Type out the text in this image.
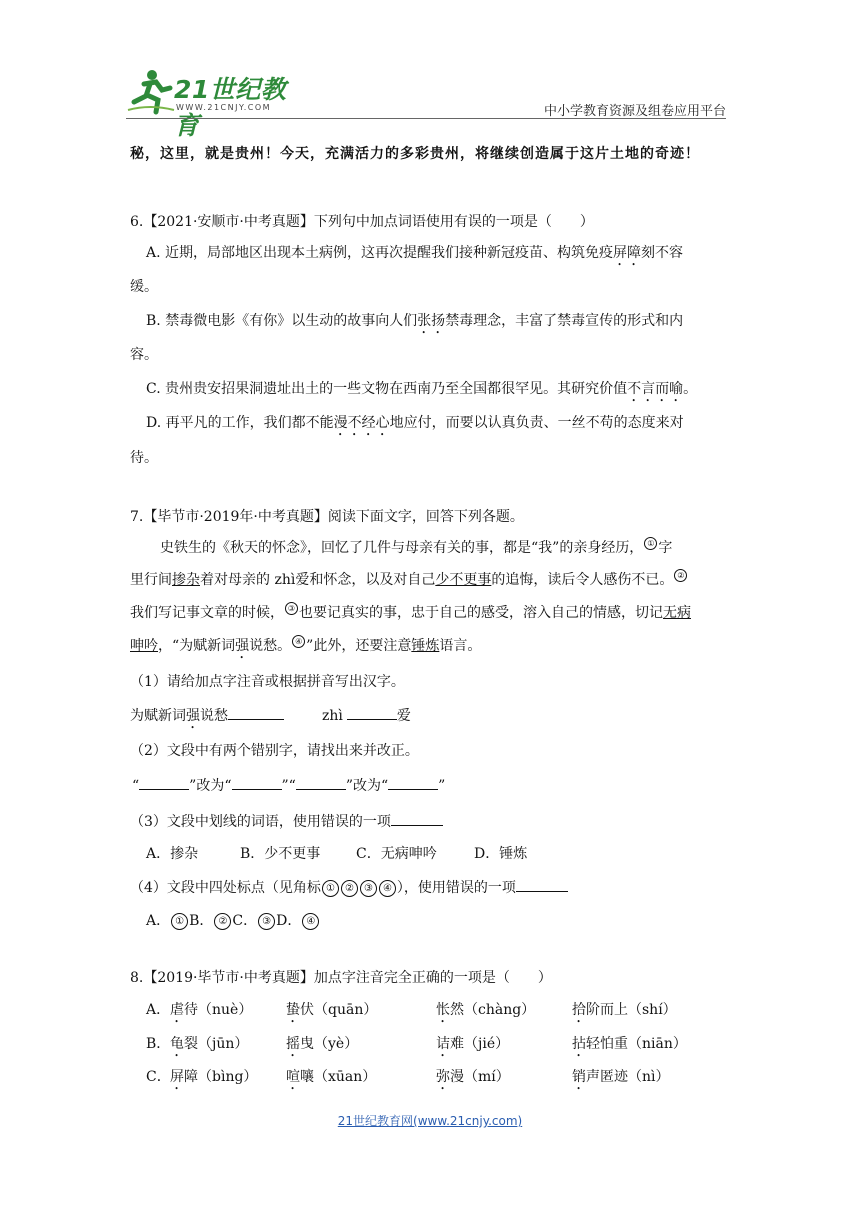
21世纪教育
WWW.21CNJY.COM	中小学教育资源及组卷应用平台
秘，这里，就是贵州！今天，充满活力的多彩贵州，将继续创造属于这片土地的奇迹！
6.【2021·安顺市·中考真题】下列句中加点词语使用有误的一项是（　　）
A. 近期，局部地区出现本土病例，这再次提醒我们接种新冠疫苗、构筑免疫屏障刻不容
缓。
B. 禁毒微电影《有你》以生动的故事向人们张扬禁毒理念，丰富了禁毒宣传的形式和内
容。
C. 贵州贵安招果洞遗址出土的一些文物在西南乃至全国都很罕见。其研究价值不言而喻。
D. 再平凡的工作，我们都不能漫不经心地应付，而要以认真负责、一丝不苟的态度来对
待。
7.【毕节市·2019年·中考真题】阅读下面文字，回答下列各题。
史铁生的《秋天的怀念》，回忆了几件与母亲有关的事，都是“我”的亲身经历， ① 字
里行间掺杂着对母亲的 zhì爱和怀念，以及对自己少不更事的追悔，读后令人感伤不已。 ②
我们写记事文章的时候， ③ 也要记真实的事，忠于自己的感受，溶入自己的情感，切记无病
呻吟，“为赋新词强说愁。 ④ ”此外，还要注意锤炼语言。
（1）请给加点字注音或根据拼音写出汉字。
为赋新词强说愁	zhì	爱
（2）文段中有两个错别字，请找出来并改正。
“	”改为“	”“	”改为“	”
（3）文段中划线的词语，使用错误的一项
A．掺杂	B．少不更事	C．无病呻吟	D．锤炼
（4）文段中四处标点（见角标 ① ② ③ ④ ），使用错误的一项
A． ① B． ② C． ③ D． ④
8.【2019·毕节市·中考真题】加点字注音完全正确的一项是（　　）
A． 虐待（nuè） 蛰伏（quān）	怅然（chàng）	拾阶而上（shí）
B． 龟裂（jūn）	摇曳（yè）	诘难（jié）	拈轻怕重（niān）
C． 屏障（bìng） 喧嚷（xūan）	弥漫（mí）	销声匿迹（nì）
21世纪教育网(www.21cnjy.com)
